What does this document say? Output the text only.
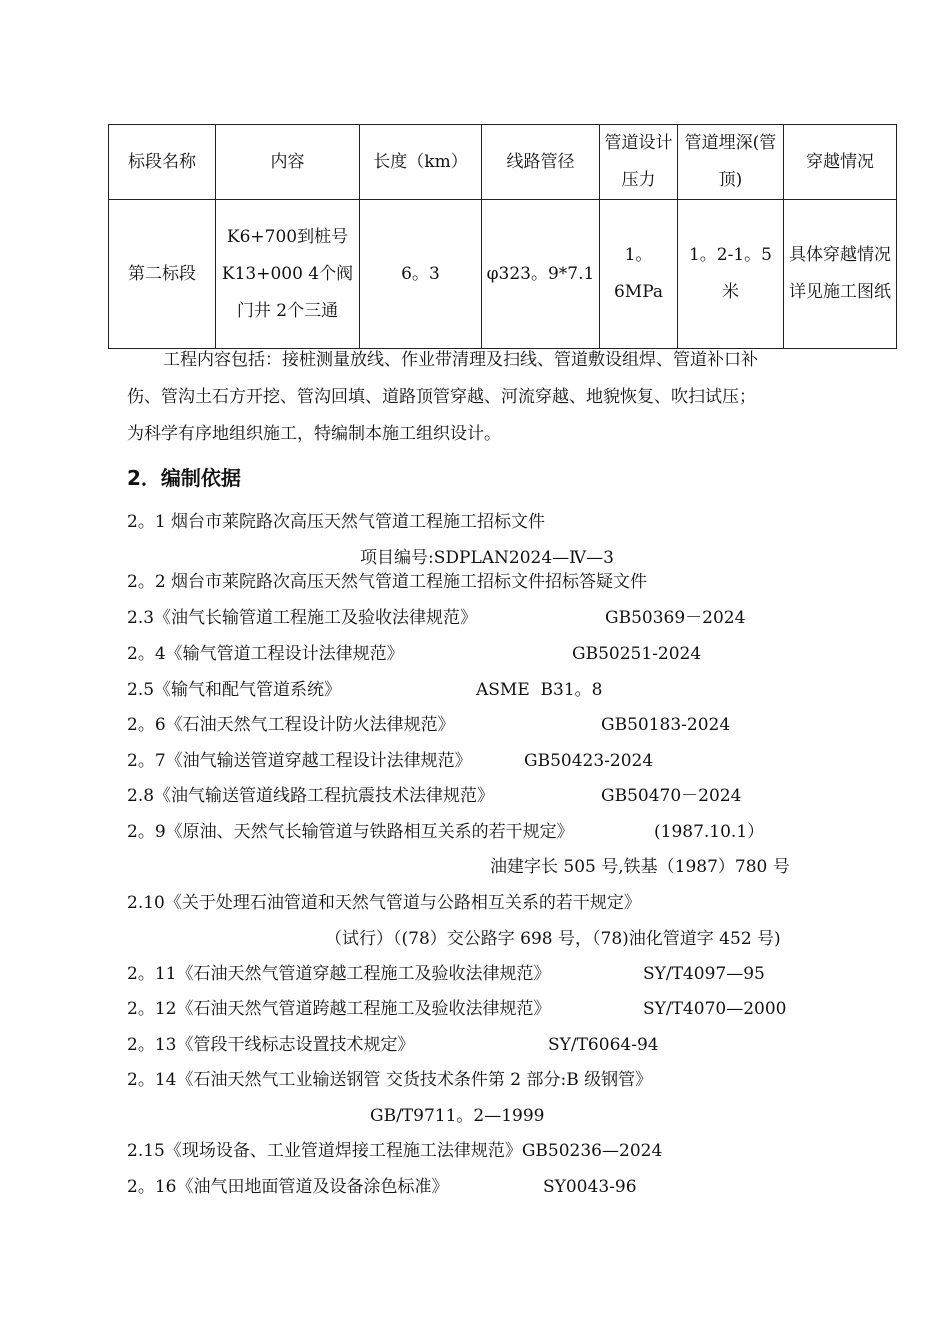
标段名称	内容	长度（km）	线路管径	管道设计压力	管道埋深(管顶)	穿越情况
第二标段	K6+700到桩号K13+000 4个阀门井 2个三通	6。3	φ323。9*7.1	1。6MPa	1。2-1。5米	具体穿越情况详见施工图纸
工程内容包括：接桩测量放线、作业带清理及扫线、管道敷设组焊、管道补口补
伤、管沟土石方开挖、管沟回填、道路顶管穿越、河流穿越、地貌恢复、吹扫试压；
为科学有序地组织施工，特编制本施工组织设计。
2．编制依据
2。1 烟台市莱院路次高压天然气管道工程施工招标文件
项目编号:SDPLAN2024—Ⅳ—3
2。2 烟台市莱院路次高压天然气管道工程施工招标文件招标答疑文件
2.3《油气长输管道工程施工及验收法律规范》	GB50369－2024
2。4《输气管道工程设计法律规范》	GB50251-2024
2.5《输气和配气管道系统》	ASME  B31。8
2。6《石油天然气工程设计防火法律规范》	GB50183-2024
2。7《油气输送管道穿越工程设计法律规范》	GB50423-2024
2.8《油气输送管道线路工程抗震技术法律规范》	GB50470－2024
2。9《原油、天然气长输管道与铁路相互关系的若干规定》	(1987.10.1）
油建字长 505 号,铁基（1987）780 号
2.10《关于处理石油管道和天然气管道与公路相互关系的若干规定》
（试行）（(78）交公路字 698 号，（78)油化管道字 452 号)
2。11《石油天然气管道穿越工程施工及验收法律规范》	SY/T4097—95
2。12《石油天然气管道跨越工程施工及验收法律规范》	SY/T4070—2000
2。13《管段干线标志设置技术规定》	SY/T6064-94
2。14《石油天然气工业输送钢管 交货技术条件第 2 部分:B 级钢管》
GB/T9711。2—1999
2.15《现场设备、工业管道焊接工程施工法律规范》GB50236—2024
2。16《油气田地面管道及设备涂色标准》	SY0043-96
